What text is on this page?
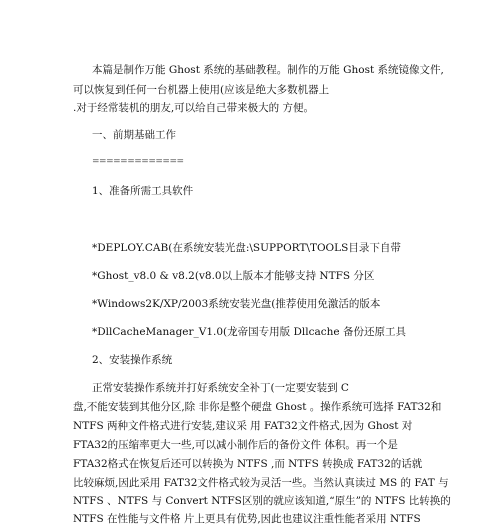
本篇是制作万能 Ghost 系统的基础教程。制作的万能 Ghost 系统镜像文件,
可以恢复到任何一台机器上使用(应该是绝大多数机器上
.对于经常装机的朋友,可以给自己带来极大的 方便。
一、前期基础工作
=============
1、准备所需工具软件
*DEPLOY.CAB(在系统安装光盘:\SUPPORT\TOOLS目录下自带
*Ghost_v8.0 & v8.2(v8.0以上版本才能够支持 NTFS 分区
*Windows2K/XP/2003系统安装光盘(推荐使用免激活的版本
*DllCacheManager_V1.0(龙帝国专用版 Dllcache 备份还原工具
2、安装操作系统
正常安装操作系统并打好系统安全补丁(一定要安装到 C
盘,不能安装到其他分区,除 非你是整个硬盘 Ghost 。操作系统可选择 FAT32和
NTFS 两种文件格式进行安装,建议采 用 FAT32文件格式,因为 Ghost 对
FTA32的压缩率更大一些,可以减小制作后的备份文件 体积。再一个是
FTA32格式在恢复后还可以转换为 NTFS ,而 NTFS 转换成 FAT32的话就
比较麻烦,因此采用 FAT32文件格式较为灵活一些。当然认真读过 MS 的 FAT 与
NTFS 、NTFS 与 Convert NTFS区别的就应该知道,“原生”的 NTFS 比转换的
NTFS 在性能与文件格 片上更具有优势,因此也建议注重性能者采用 NTFS
